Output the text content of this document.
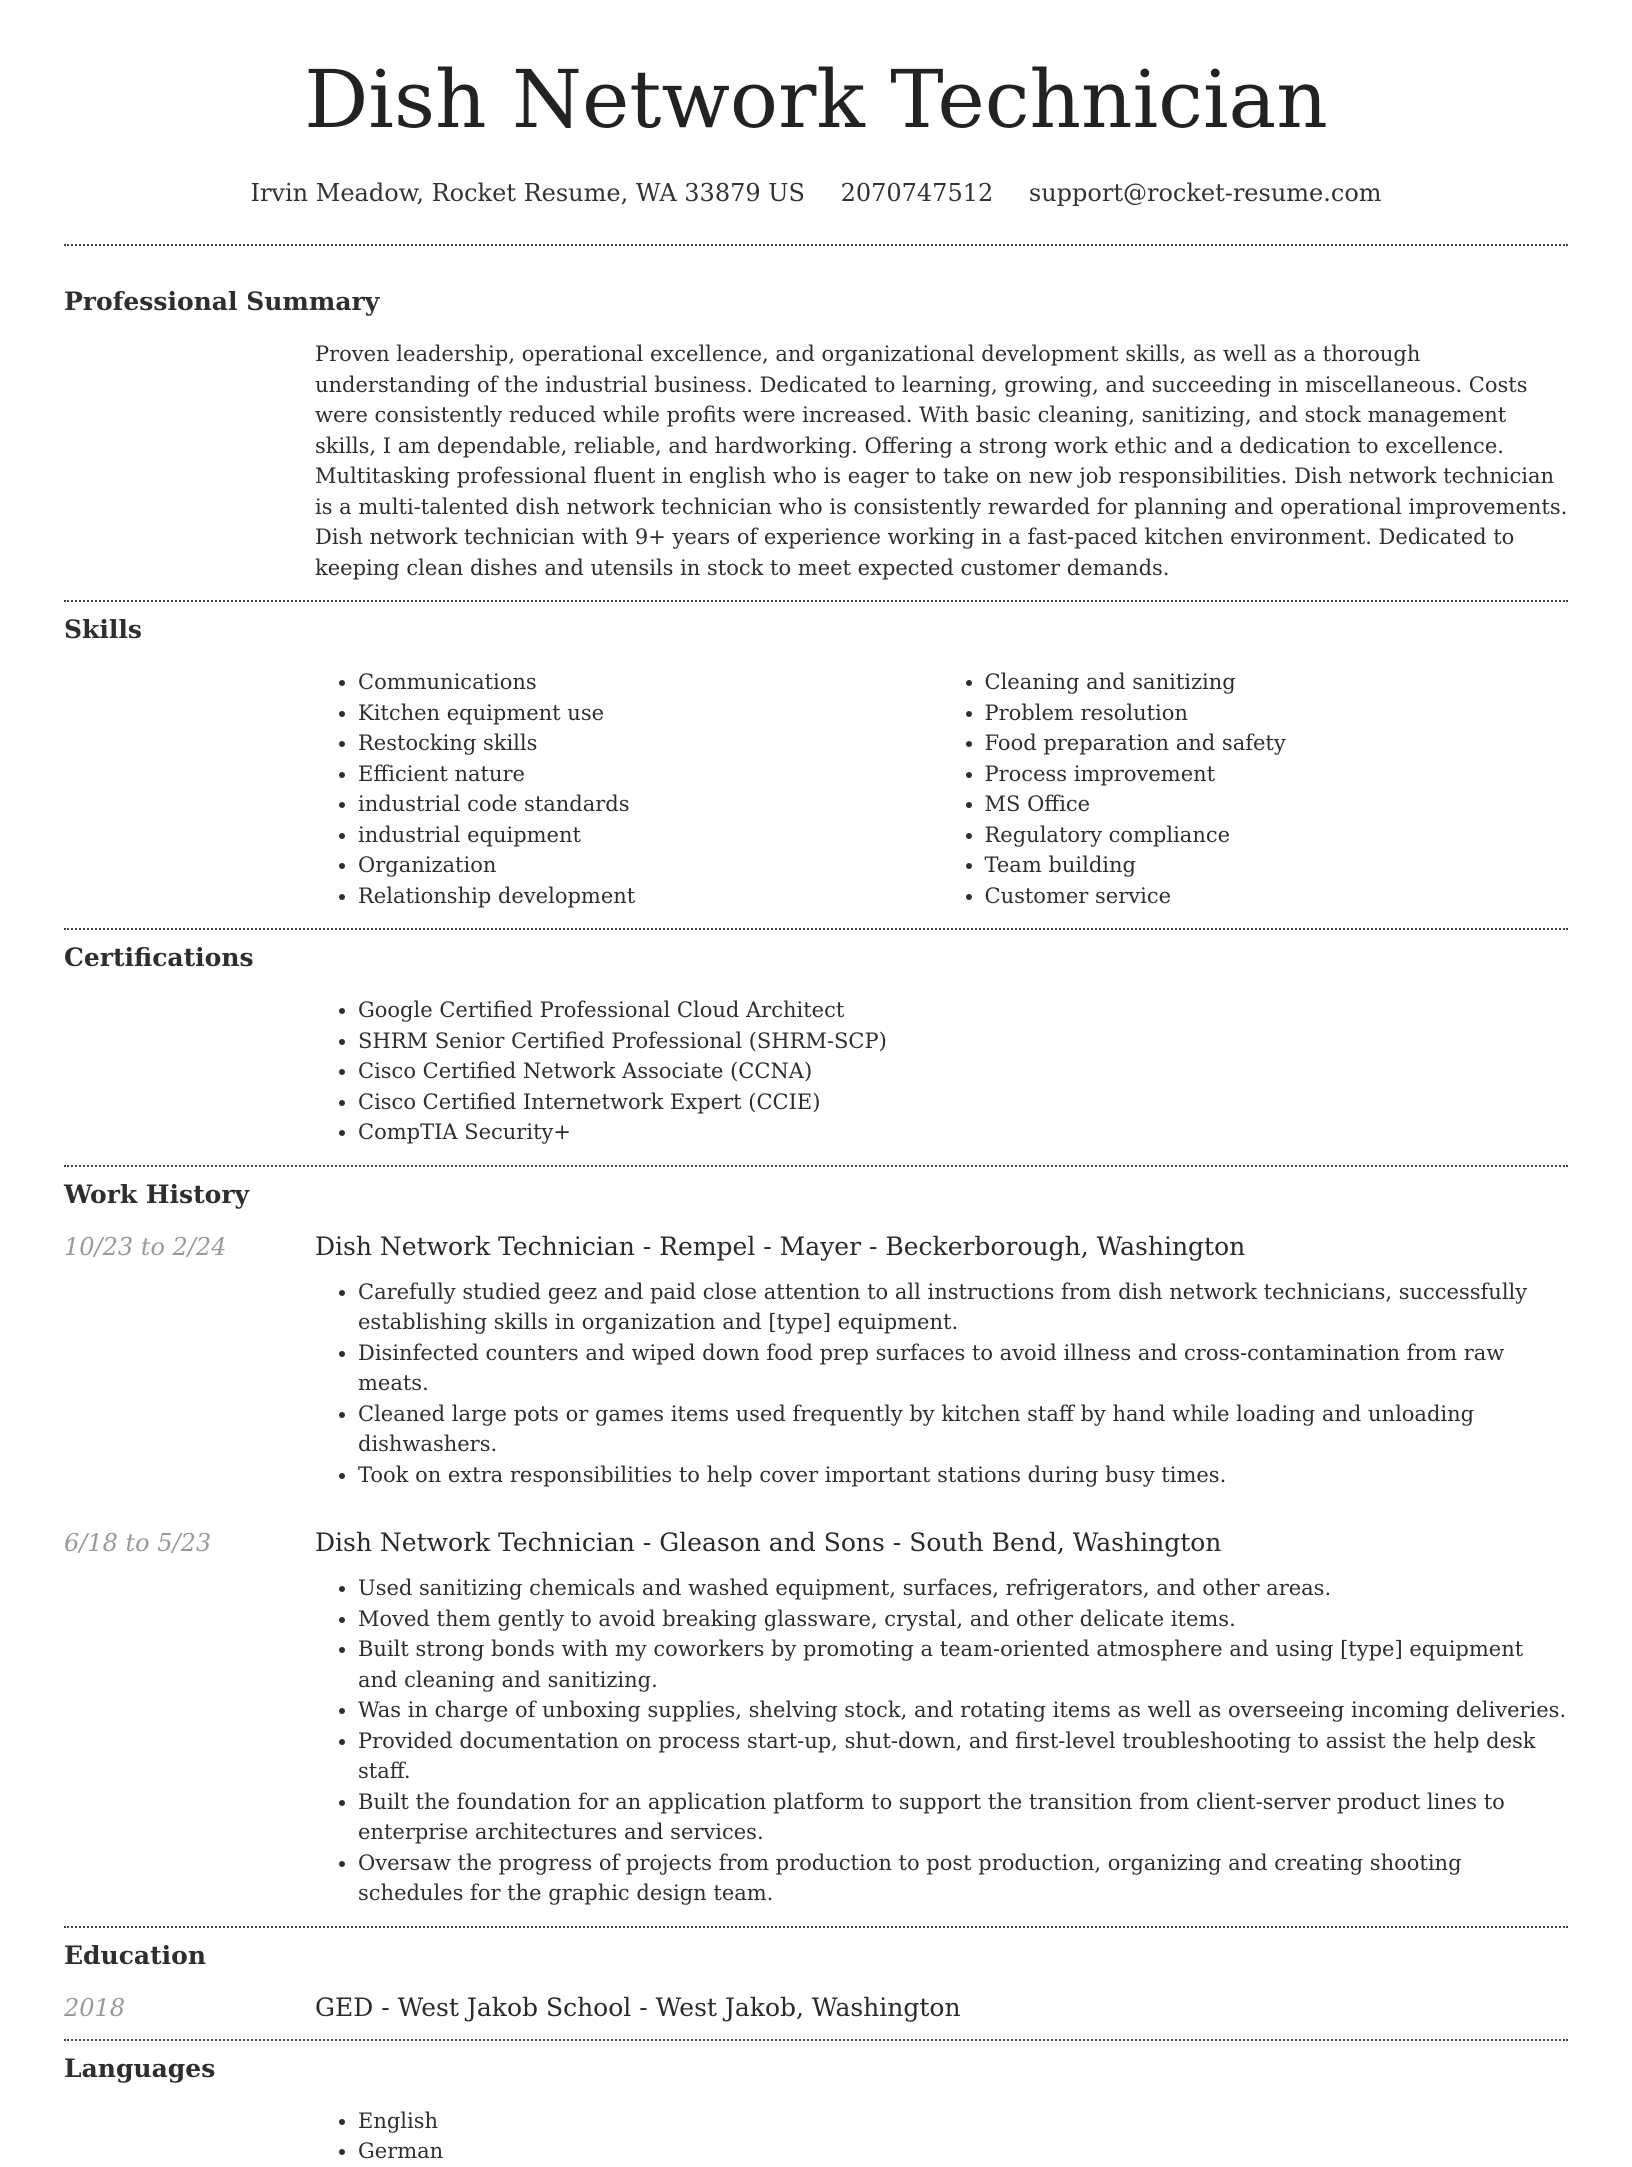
Dish Network Technician
Irvin Meadow, Rocket Resume, WA 33879 US 2070747512 support@rocket-resume.com
Professional Summary

Proven leadership, operational excellence, and organizational development skills, as well as a thorough understanding of the industrial business. Dedicated to learning, growing, and succeeding in miscellaneous. Costs were consistently reduced while profits were increased. With basic cleaning, sanitizing, and stock management skills, I am dependable, reliable, and hardworking. Offering a strong work ethic and a dedication to excellence. Multitasking professional fluent in english who is eager to take on new job responsibilities. Dish network technician is a multi-talented dish network technician who is consistently rewarded for planning and operational improvements. Dish network technician with 9+ years of experience working in a fast-paced kitchen environment. Dedicated to keeping clean dishes and utensils in stock to meet expected customer demands.

Skills
• Communications
• Kitchen equipment use
• Restocking skills
• Efficient nature
• industrial code standards
• industrial equipment
• Organization
• Relationship development
• Cleaning and sanitizing
• Problem resolution
• Food preparation and safety
• Process improvement
• MS Office
• Regulatory compliance
• Team building
• Customer service
Certifications
• Google Certified Professional Cloud Architect
• SHRM Senior Certified Professional (SHRM-SCP)
• Cisco Certified Network Associate (CCNA)
• Cisco Certified Internetwork Expert (CCIE)
• CompTIA Security+
Work History
10/23 to 2/24	Dish Network Technician - Rempel - Mayer - Beckerborough, Washington
• Carefully studied geez and paid close attention to all instructions from dish network technicians, successfully establishing skills in organization and [type] equipment.
• Disinfected counters and wiped down food prep surfaces to avoid illness and cross-contamination from raw meats.
• Cleaned large pots or games items used frequently by kitchen staff by hand while loading and unloading dishwashers.
• Took on extra responsibilities to help cover important stations during busy times.
6/18 to 5/23	Dish Network Technician - Gleason and Sons - South Bend, Washington
• Used sanitizing chemicals and washed equipment, surfaces, refrigerators, and other areas.
• Moved them gently to avoid breaking glassware, crystal, and other delicate items.
• Built strong bonds with my coworkers by promoting a team-oriented atmosphere and using [type] equipment and cleaning and sanitizing.
• Was in charge of unboxing supplies, shelving stock, and rotating items as well as overseeing incoming deliveries.
• Provided documentation on process start-up, shut-down, and first-level troubleshooting to assist the help desk staff.
• Built the foundation for an application platform to support the transition from client-server product lines to enterprise architectures and services.
• Oversaw the progress of projects from production to post production, organizing and creating shooting schedules for the graphic design team.
Education
2018	GED - West Jakob School - West Jakob, Washington
Languages
• English
• German
